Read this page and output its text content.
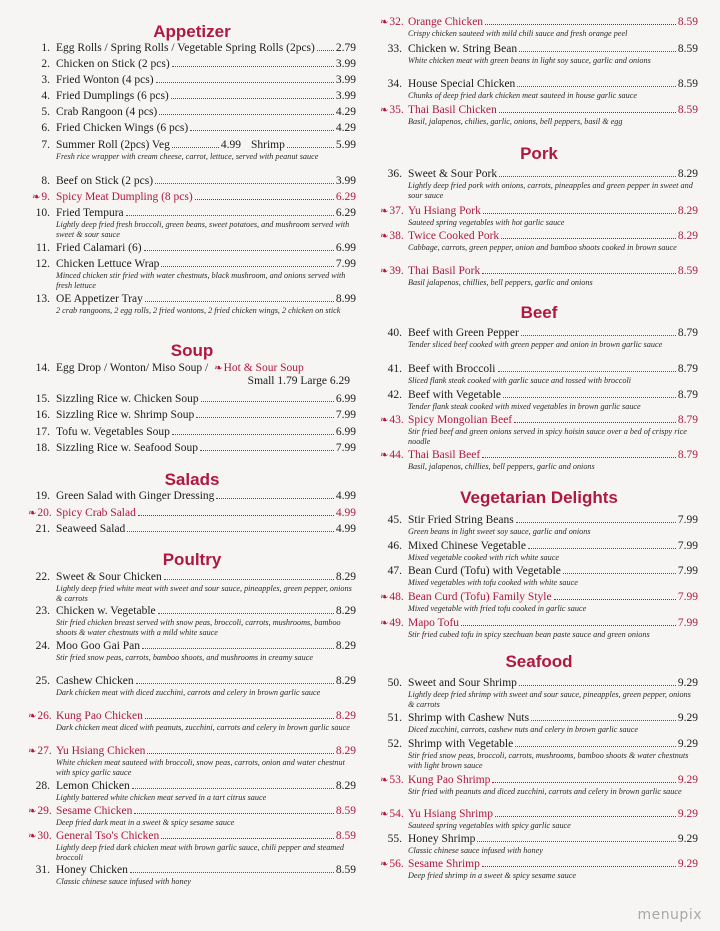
Appetizer
1. Egg Rolls / Spring Rolls / Vegetable Spring Rolls (2pcs) 2.79
2. Chicken on Stick (2 pcs)	3.99
3. Fried Wonton (4 pcs)	3.99
4. Fried Dumplings (6 pcs)	3.99
5. Crab Rangoon (4 pcs)	4.29
6. Fried Chicken Wings (6 pcs)	4.29
7. Summer Roll (2pcs) Veg	4.99 Shrimp	5.99
Fresh rice wrapper with cream cheese, carrot, lettuce, served with peanut sauce
8. Beef on Stick (2 pcs)	3.99
❧9. Spicy Meat Dumpling (8 pcs)	6.29
10. Fried Tempura	6.29
Lightly deep fried fresh broccoli, green beans, sweet potatoes, and mushroom served with sweet & sour sauce
11. Fried Calamari (6)	6.99
12. Chicken Lettuce Wrap	7.99
Minced chicken stir fried with water chestnuts, black mushroom, and onions served with fresh lettuce
13. OE Appetizer Tray	8.99
2 crab rangoons, 2 egg rolls, 2 fried wontons, 2 fried chicken wings, 2 chicken on stick
Soup
14. Egg Drop / Wonton/ Miso Soup / ❧Hot & Sour Soup
Small 1.79 Large 6.29
15. Sizzling Rice w. Chicken Soup	6.99
16. Sizzling Rice w. Shrimp Soup	7.99
17. Tofu w. Vegetables Soup	6.99
18. Sizzling Rice w. Seafood Soup	7.99
Salads
19. Green Salad with Ginger Dressing	4.99
❧20. Spicy Crab Salad	4.99
21. Seaweed Salad	4.99
Poultry
22. Sweet & Sour Chicken	8.29
Lightly deep fried white meat with sweet and sour sauce, pineapples, green pepper, onions & carrots
23. Chicken w. Vegetable	8.29
Stir fried chicken breast served with snow peas, broccoli, carrots, mushrooms, bamboo shoots & water chestnuts with a mild white sauce
24. Moo Goo Gai Pan	8.29
Stir fried snow peas, carrots, bamboo shoots, and mushrooms in creamy sauce
25. Cashew Chicken	8.29
Dark chicken meat with diced zucchini, carrots and celery in brown garlic sauce
❧26. Kung Pao Chicken	8.29
Dark chicken meat diced with peanuts, zucchini, carrots and celery in brown garlic sauce
❧27. Yu Hsiang Chicken	8.29
White chicken meat sauteed with broccoli, snow peas, carrots, onion and water chestnut with spicy garlic sauce
28. Lemon Chicken	8.29
Lightly battered white chicken meat served in a tart citrus sauce
❧29. Sesame Chicken	8.59
Deep fried dark meat in a sweet & spicy sesame sauce
❧30. General Tso's Chicken	8.59
Lightly deep fried dark chicken meat with brown garlic sauce, chili pepper and steamed broccoli
31. Honey Chicken	8.59
Classic chinese sauce infused with honey
❧32. Orange Chicken	8.59
Crispy chicken sauteed with mild chili sauce and fresh orange peel
33. Chicken w. String Bean	8.59
White chicken meat with green beans in light soy sauce, garlic and onions
34. House Special Chicken	8.59
Chunks of deep fried dark chicken meat sauteed in house garlic sauce
❧35. Thai Basil Chicken	8.59
Basil, jalapenos, chilies, garlic, onions, bell peppers, basil & egg
Pork
36. Sweet & Sour Pork	8.29
Lightly deep fried pork with onions, carrots, pineapples and green pepper in sweet and sour sauce
❧37. Yu Hsiang Pork	8.29
Sauteed spring vegetables with hot garlic sauce
❧38. Twice Cooked Pork	8.29
Cabbage, carrots, green pepper, onion and bamboo shoots cooked in brown sauce
❧39. Thai Basil Pork	8.59
Basil jalapenos, chillies, bell peppers, garlic and onions
Beef
40. Beef with Green Pepper	8.79
Tender sliced beef cooked with green pepper and onion in brown garlic sauce
41. Beef with Broccoli	8.79
Sliced flank steak cooked with garlic sauce and tossed with broccoli
42. Beef with Vegetable	8.79
Tender flank steak cooked with mixed vegetables in brown garlic sauce
❧43. Spicy Mongolian Beef	8.79
Stir fried beef and green onions served in spicy hoisin sauce over a bed of crispy rice noodle
❧44. Thai Basil Beef	8.79
Basil, jalapenos, chillies, bell peppers, garlic and onions
Vegetarian Delights
45. Stir Fried String Beans	7.99
Green beans in light sweet soy sauce, garlic and onions
46. Mixed Chinese Vegetable	7.99
Mixed vegetable cooked with rich white sauce
47. Bean Curd (Tofu) with Vegetable	7.99
Mixed vegetables with tofu cooked with white sauce
❧48. Bean Curd (Tofu) Family Style	7.99
Mixed vegetable with fried tofu cooked in garlic sauce
❧49. Mapo Tofu	7.99
Stir fried cubed tofu in spicy szechuan bean paste sauce and green onions
Seafood
50. Sweet and Sour Shrimp	9.29
Lightly deep fried shrimp with sweet and sour sauce, pineapples, green pepper, onions & carrots
51. Shrimp with Cashew Nuts	9.29
Diced zucchini, carrots, cashew nuts and celery in brown garlic sauce
52. Shrimp with Vegetable	9.29
Stir fried snow peas, broccoli, carrots, mushrooms, bamboo shoots & water chestnuts with light brown sauce
❧53. Kung Pao Shrimp	9.29
Stir fried with peanuts and diced zucchini, carrots and celery in brown garlic sauce
❧54. Yu Hsiang Shrimp	9.29
Sauteed spring vegetables with spicy garlic sauce
55. Honey Shrimp	9.29
Classic chinese sauce infused with honey
❧56. Sesame Shrimp	9.29
Deep fried shrimp in a sweet & spicy sesame sauce
menupix
